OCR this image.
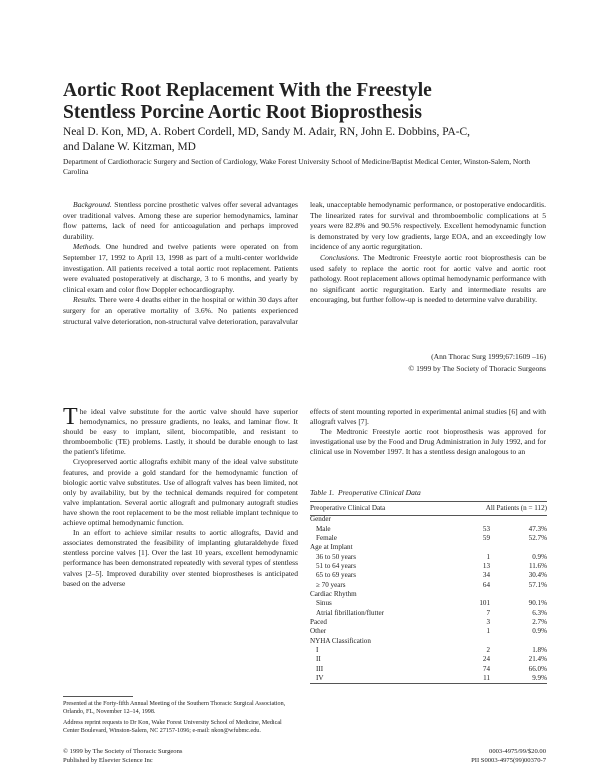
Aortic Root Replacement With the Freestyle
Stentless Porcine Aortic Root Bioprosthesis
Neal D. Kon, MD, A. Robert Cordell, MD, Sandy M. Adair, RN, John E. Dobbins, PA-C,
and Dalane W. Kitzman, MD
Department of Cardiothoracic Surgery and Section of Cardiology, Wake Forest University School of Medicine/Baptist Medical Center, Winston-Salem, North Carolina

Background. Stentless porcine prosthetic valves offer several advantages over traditional valves. Among these are superior hemodynamics, laminar flow patterns, lack of need for anticoagulation and perhaps improved durability.

Methods. One hundred and twelve patients were operated on from September 17, 1992 to April 13, 1998 as part of a multi-center worldwide investigation. All patients received a total aortic root replacement. Patients were evaluated postoperatively at discharge, 3 to 6 months, and yearly by clinical exam and color flow Doppler echocardiography.

Results. There were 4 deaths either in the hospital or within 30 days after surgery for an operative mortality of 3.6%. No patients experienced structural valve deterioration, non-structural valve deterioration, paravalvular

leak, unacceptable hemodynamic performance, or postoperative endocarditis. The linearized rates for survival and thromboembolic complications at 5 years were 82.8% and 90.5% respectively. Excellent hemodynamic function is demonstrated by very low gradients, large EOA, and an exceedingly low incidence of any aortic regurgitation.

Conclusions. The Medtronic Freestyle aortic root bioprosthesis can be used safely to replace the aortic root for aortic valve and aortic root pathology. Root replacement allows optimal hemodynamic performance with no significant aortic regurgitation. Early and intermediate results are encouraging, but further follow-up is needed to determine valve durability.

(Ann Thorac Surg 1999;67:1609 –16)
© 1999 by The Society of Thoracic Surgeons

The ideal valve substitute for the aortic valve should have superior hemodynamics, no pressure gradients, no leaks, and laminar flow. It should be easy to implant, silent, biocompatible, and resistant to thromboembolic (TE) problems. Lastly, it should be durable enough to last the patient's lifetime.

Cryopreserved aortic allografts exhibit many of the ideal valve substitute features, and provide a gold standard for the hemodynamic function of biologic aortic valve substitutes. Use of allograft valves has been limited, not only by availability, but by the technical demands required for competent valve implantation. Several aortic allograft and pulmonary autograft studies have shown the root replacement to be the most reliable implant technique to achieve optimal hemodynamic function.

In an effort to achieve similar results to aortic allografts, David and associates demonstrated the feasibility of implanting glutaraldehyde fixed stentless porcine valves [1]. Over the last 10 years, excellent hemodynamic performance has been demonstrated repeatedly with several types of stentless valves [2–5]. Improved durability over stented bioprostheses is anticipated based on the adverse

Presented at the Forty-fifth Annual Meeting of the Southern Thoracic Surgical Association, Orlando, FL, November 12–14, 1998.
Address reprint requests to Dr Kon, Wake Forest University School of Medicine, Medical Center Boulevard, Winston-Salem, NC 27157-1096; e-mail: nkon@wfubmc.edu.

effects of stent mounting reported in experimental animal studies [6] and with allograft valves [7].

The Medtronic Freestyle aortic root bioprosthesis was approved for investigational use by the Food and Drug Administration in July 1992, and for clinical use in November 1997. It has a stentless design analogous to an

Table 1. Preoperative Clinical Data
Preoperative Clinical Data	All Patients (n = 112)
Gender		
Male	53	47.3%
Female	59	52.7%
Age at Implant		
36 to 50 years	1	0.9%
51 to 64 years	13	11.6%
65 to 69 years	34	30.4%
≥ 70 years	64	57.1%
Cardiac Rhythm		
Sinus	101	90.1%
Atrial fibrillation/flutter	7	6.3%
Paced	3	2.7%
Other	1	0.9%
NYHA Classification		
I	2	1.8%
II	24	21.4%
III	74	66.0%
IV	11	9.9%
© 1999 by The Society of Thoracic Surgeons
Published by Elsevier Science Inc
0003-4975/99/$20.00
PII S0003-4975(99)00370-7
